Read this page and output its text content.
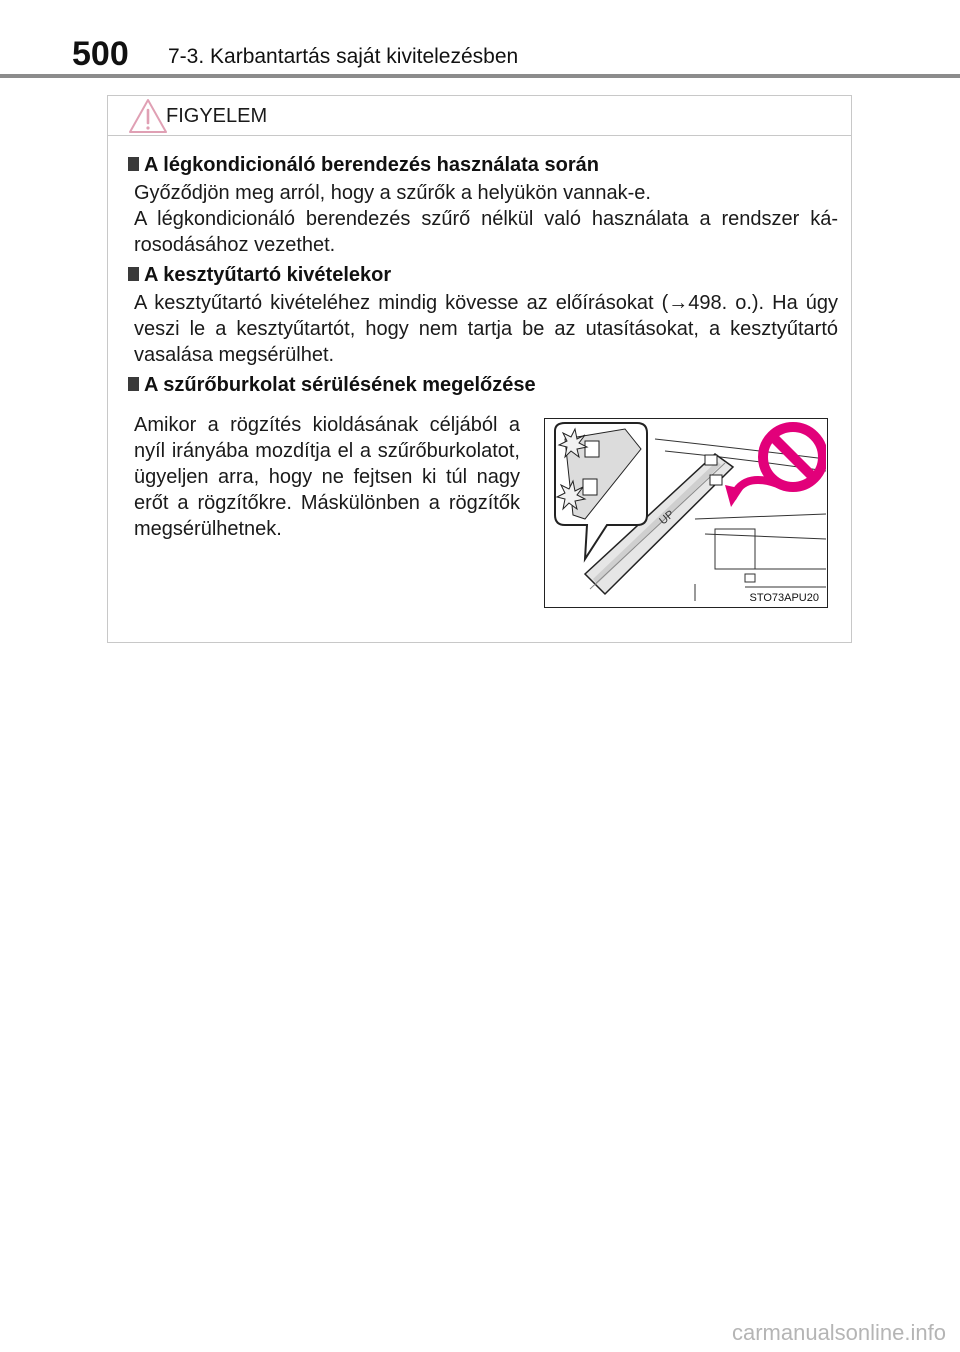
500 7-3. Karbantartás saját kivitelezésben
FIGYELEM
A légkondicionáló berendezés használata során

Győződjön meg arról, hogy a szűrők a helyükön vannak-e.

A légkondicionáló berendezés szűrő nélkül való használata a rendszer károsodásához vezethet.

A kesztyűtartó kivételekor

A kesztyűtartó kivételéhez mindig kövesse az előírásokat (→498. o.). Ha úgy veszi le a kesztyűtartót, hogy nem tartja be az utasításokat, a kesztyűtartó vasalása megsérülhet.

A szűrőburkolat sérülésének megelőzése

Amikor a rögzítés kioldásának céljából a nyíl irányába mozdítja el a szűrőburkolatot, ügyeljen arra, hogy ne fejtsen ki túl nagy erőt a rögzítőkre. Máskülönben a rögzítők megsérülhetnek.

UP
STO73APU20
carmanualsonline.info
